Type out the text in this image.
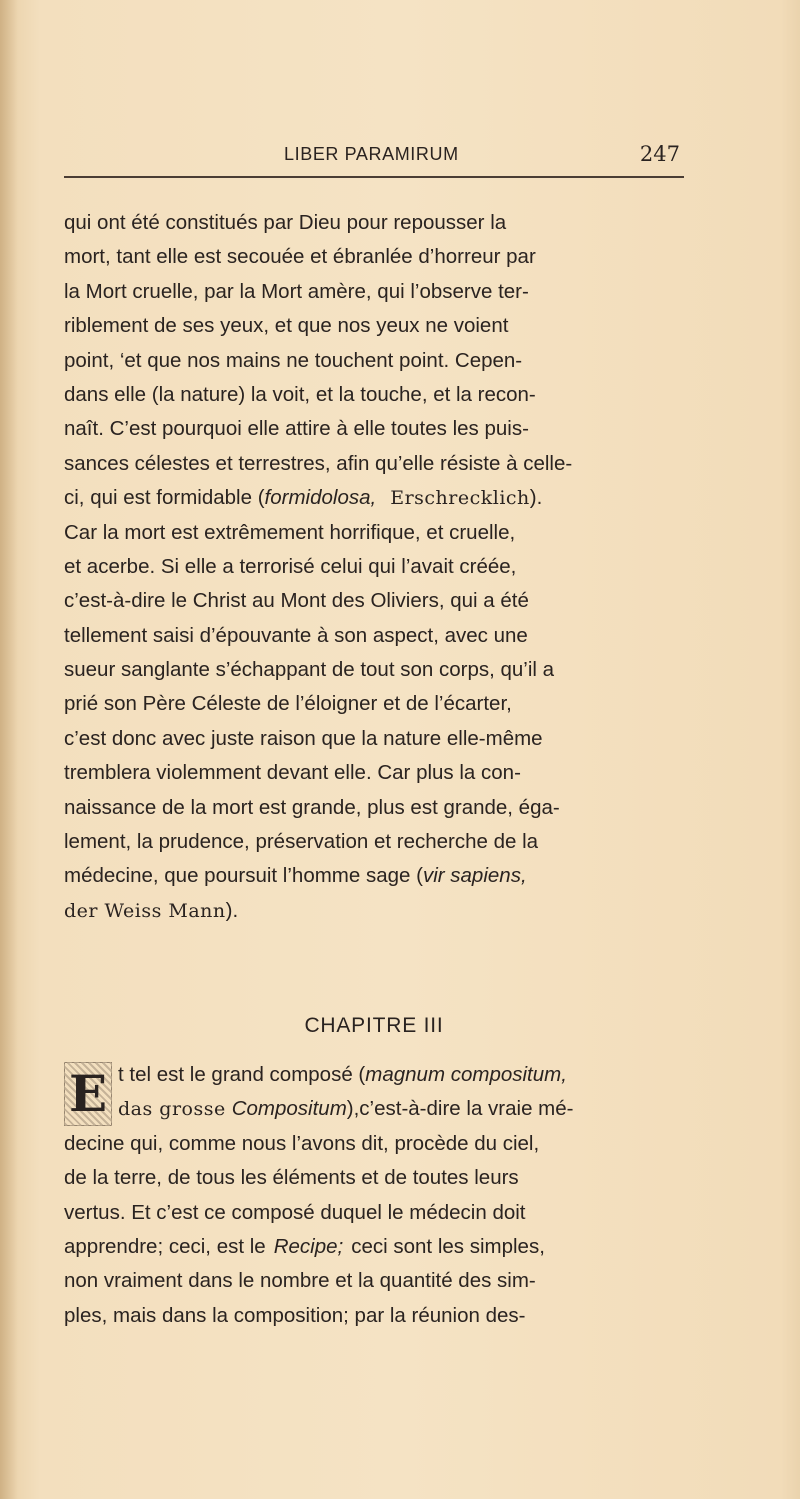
LIBER PARAMIRUM	247
qui ont été constitués par Dieu pour repousser la
mort, tant elle est secouée et ébranlée d’horreur par
la Mort cruelle, par la Mort amère, qui l’observe ter-
riblement de ses yeux, et que nos yeux ne voient
point, ‘et que nos mains ne touchent point. Cepen-
dans elle (la nature) la voit, et la touche, et la recon-
naît. C’est pourquoi elle attire à elle toutes les puis-
sances célestes et terrestres, afin qu’elle résiste à celle-
ci, qui est formidable ( formidolosa, Erschrecklich ).
Car la mort est extrêmement horrifique, et cruelle,
et acerbe. Si elle a terrorisé celui qui l’avait créée,
c’est-à-dire le Christ au Mont des Oliviers, qui a été
tellement saisi d’épouvante à son aspect, avec une
sueur sanglante s’échappant de tout son corps, qu’il a
prié son Père Céleste de l’éloigner et de l’écarter,
c’est donc avec juste raison que la nature elle-même
tremblera violemment devant elle. Car plus la con-
naissance de la mort est grande, plus est grande, éga-
lement, la prudence, préservation et recherche de la
médecine, que poursuit l’homme sage ( vir sapiens,
der Weiss Mann ).
CHAPITRE III
E t tel est le grand composé ( magnum compositum,
das grosse Compositum ),c’est-à-dire la vraie mé-
decine qui, comme nous l’avons dit, procède du ciel,
de la terre, de tous les éléments et de toutes leurs
vertus. Et c’est ce composé duquel le médecin doit
apprendre; ceci, est le Recipe; ceci sont les simples,
non vraiment dans le nombre et la quantité des sim-
ples, mais dans la composition; par la réunion des-
